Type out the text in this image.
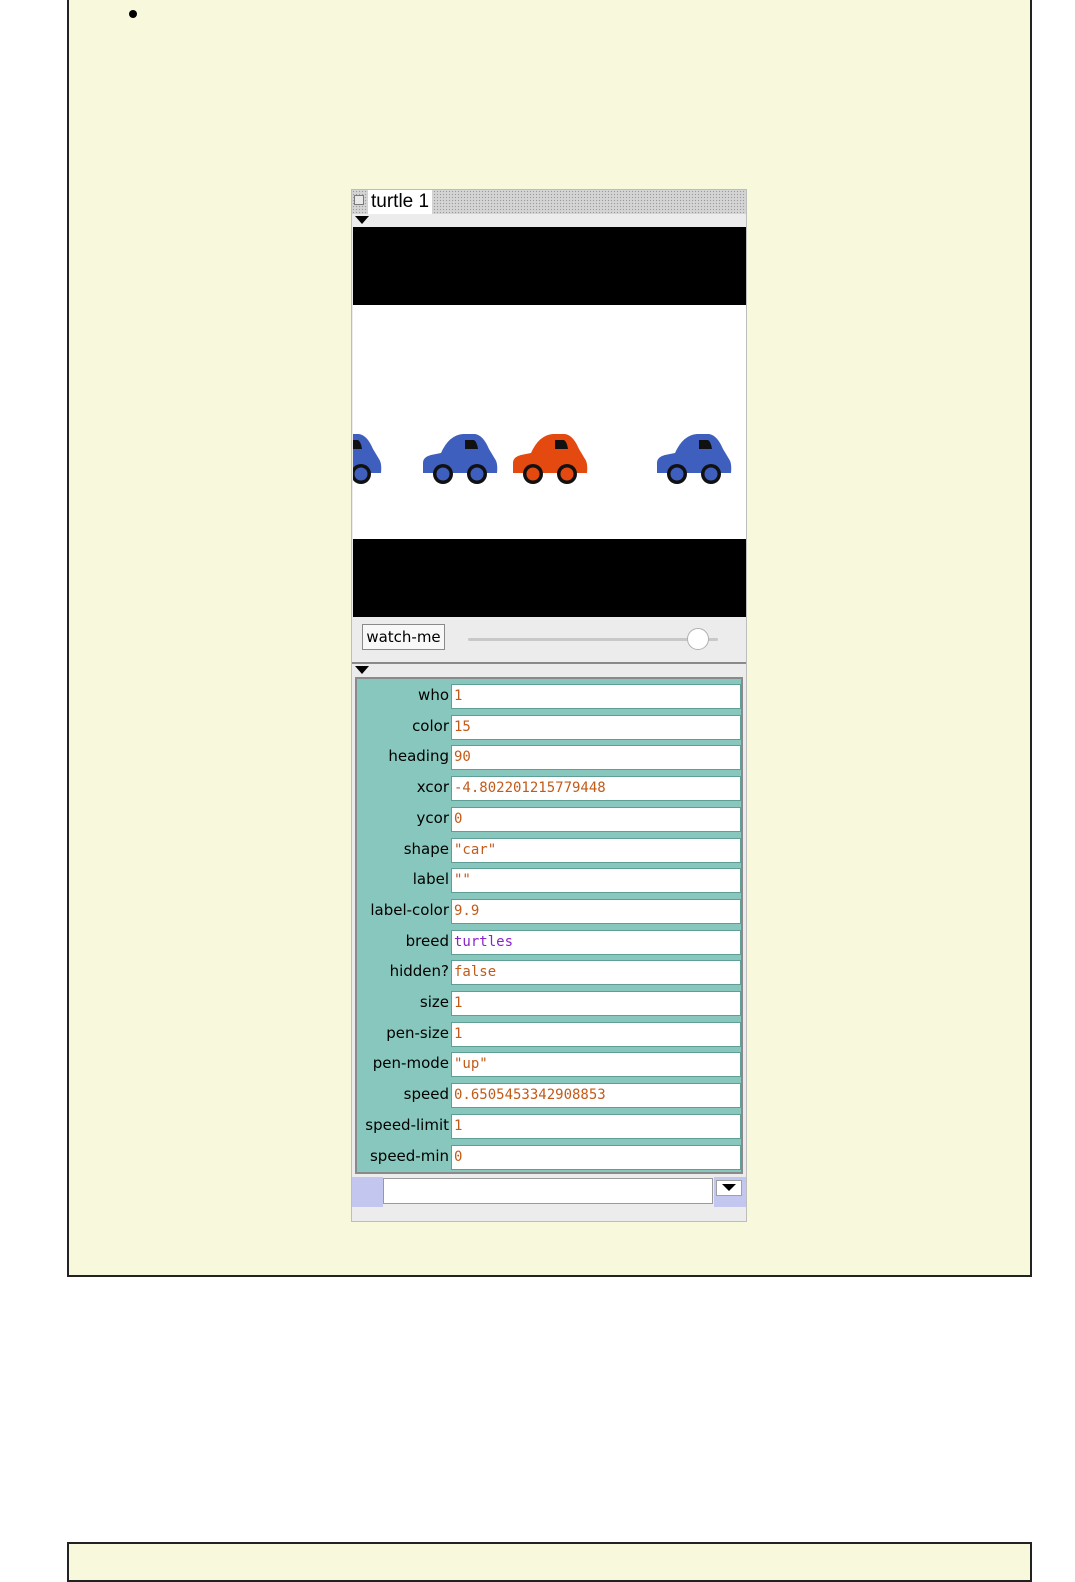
turtle 1
watch-me
who 1
color 15
heading 90
xcor -4.802201215779448
ycor 0
shape "car"
label ""
label-color 9.9
breed turtles
hidden? false
size 1
pen-size 1
pen-mode "up"
speed 0.6505453342908853
speed-limit 1
speed-min 0
